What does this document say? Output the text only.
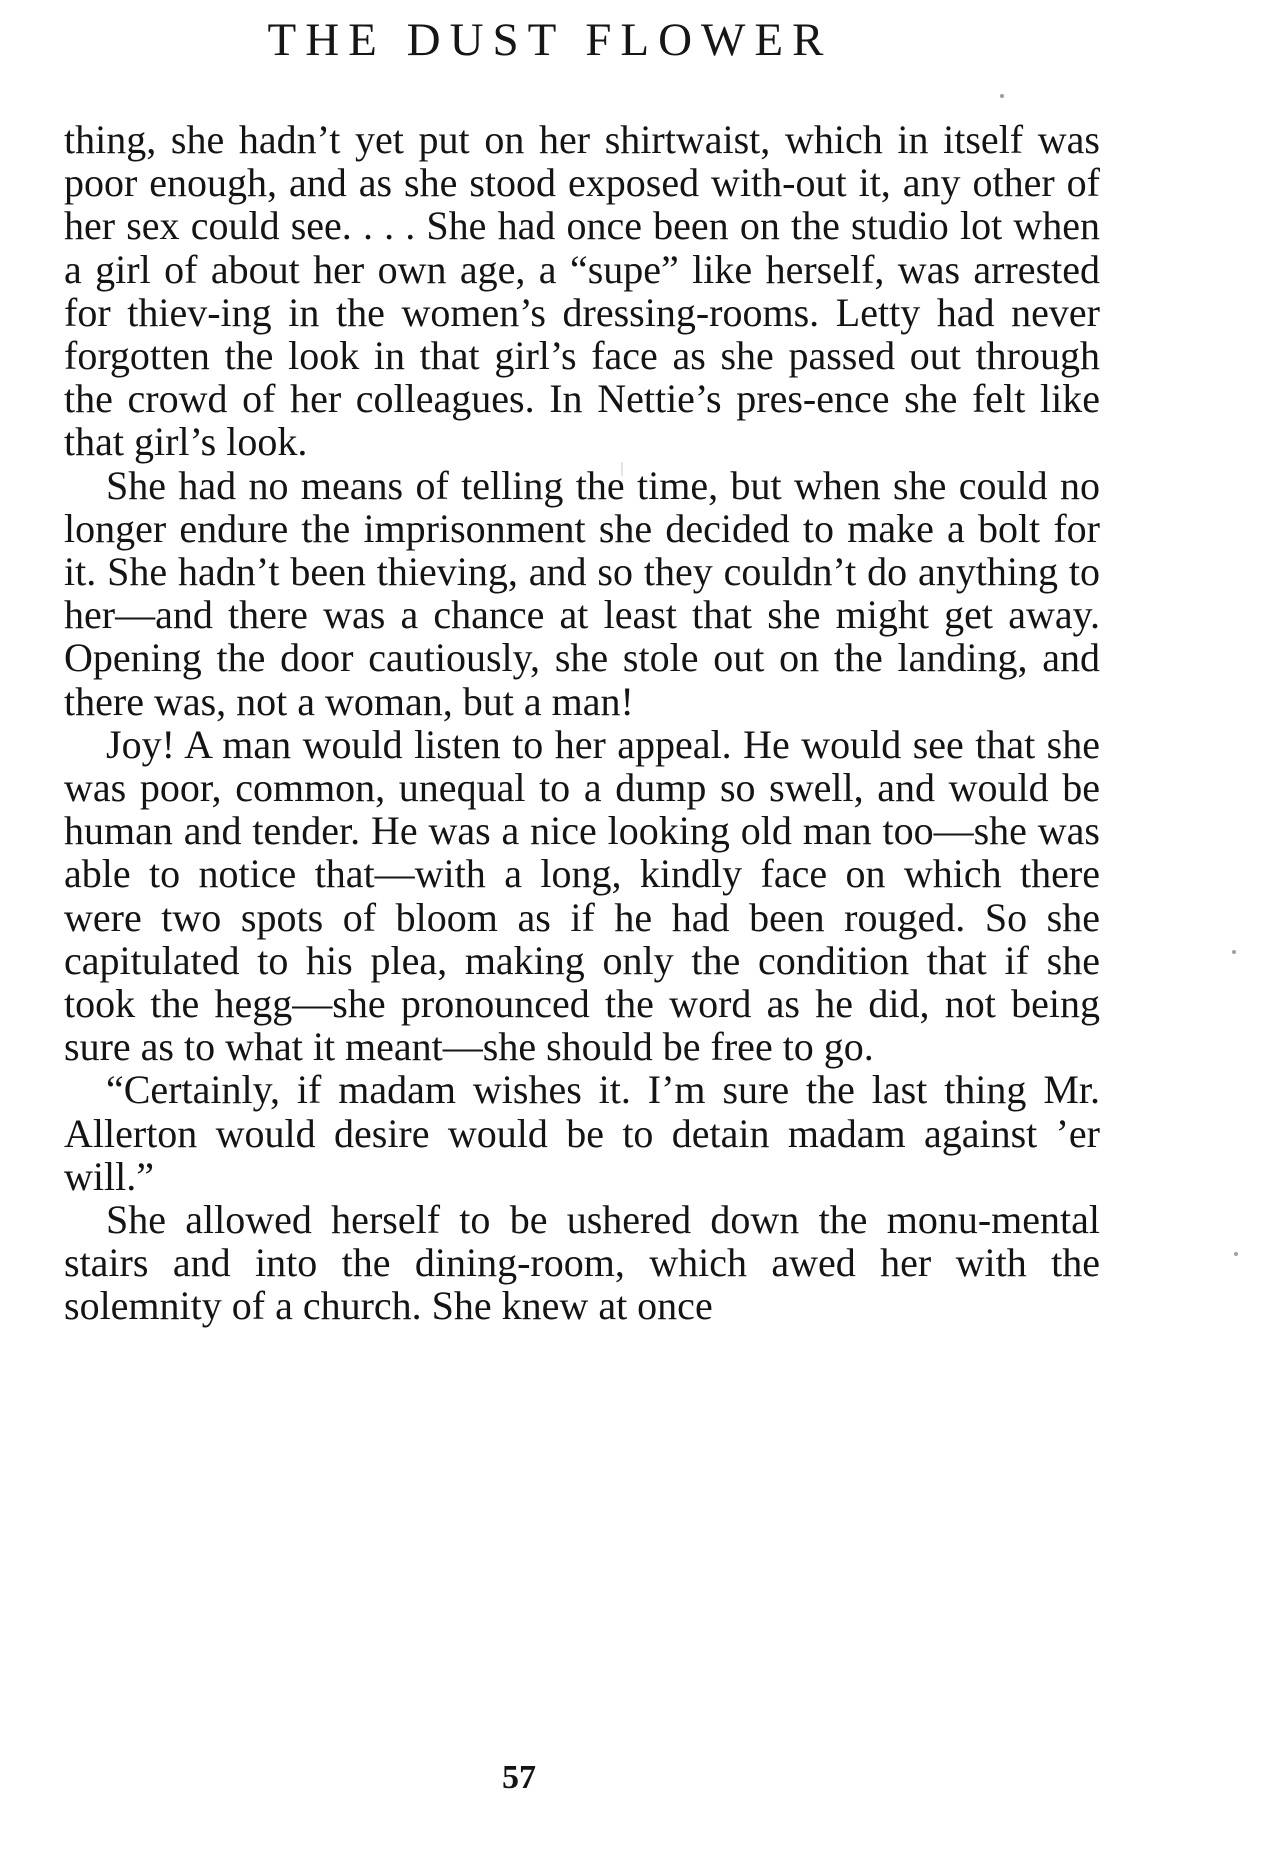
THE DUST FLOWER

thing, she hadn’t yet put on her shirtwaist, which in itself was poor enough, and as she stood exposed with-out it, any other of her sex could see. . . . She had once been on the studio lot when a girl of about her own age, a “supe” like herself, was arrested for thiev-ing in the women’s dressing-rooms. Letty had never forgotten the look in that girl’s face as she passed out through the crowd of her colleagues. In Nettie’s pres-ence she felt like that girl’s look.

She had no means of telling the time, but when she could no longer endure the imprisonment she decided to make a bolt for it. She hadn’t been thieving, and so they couldn’t do anything to her—and there was a chance at least that she might get away. Opening the door cautiously, she stole out on the landing, and there was, not a woman, but a man!

Joy! A man would listen to her appeal. He would see that she was poor, common, unequal to a dump so swell, and would be human and tender. He was a nice looking old man too—she was able to notice that—with a long, kindly face on which there were two spots of bloom as if he had been rouged. So she capitulated to his plea, making only the condition that if she took the hegg—she pronounced the word as he did, not being sure as to what it meant—she should be free to go.

“Certainly, if madam wishes it. I’m sure the last thing Mr. Allerton would desire would be to detain madam against ’er will.”

She allowed herself to be ushered down the monu-mental stairs and into the dining-room, which awed her with the solemnity of a church. She knew at once

57
